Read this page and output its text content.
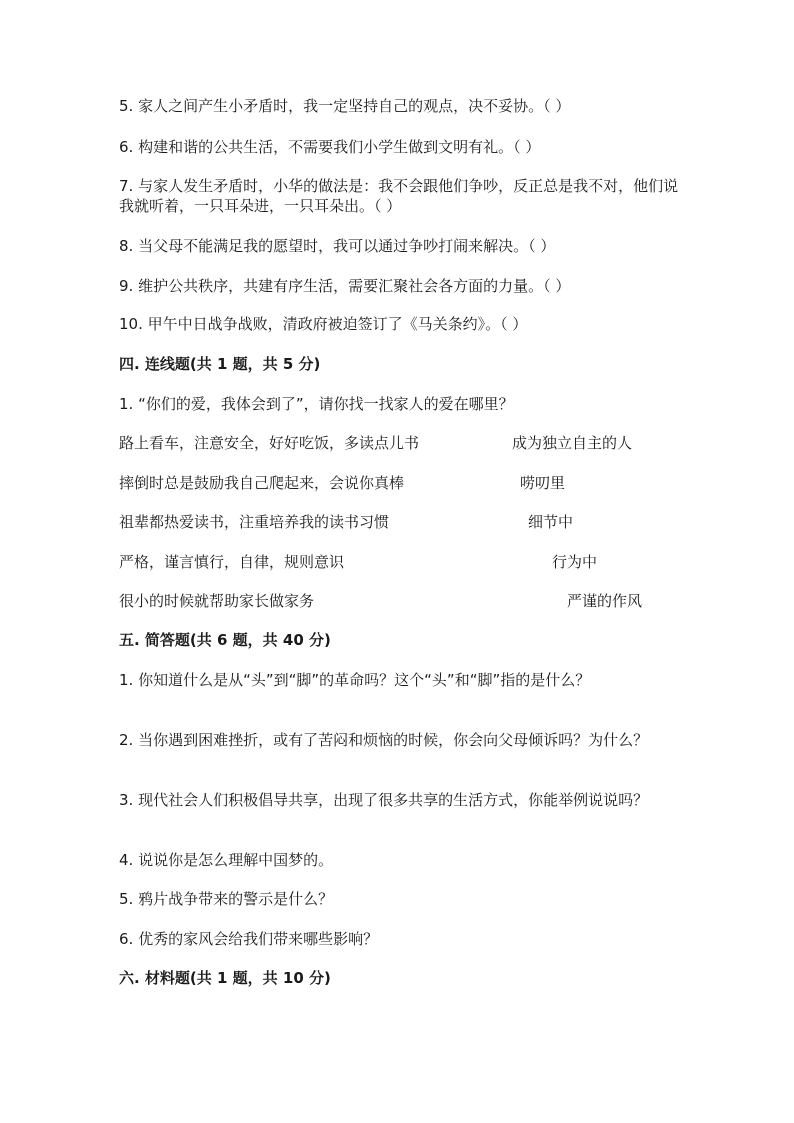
5. 家人之间产生小矛盾时，我一定坚持自己的观点，决不妥协。（ ）
6. 构建和谐的公共生活，不需要我们小学生做到文明有礼。（ ）
7. 与家人发生矛盾时，小华的做法是：我不会跟他们争吵，反正总是我不对，他们说我就听着，一只耳朵进，一只耳朵出。（ ）
8. 当父母不能满足我的愿望时，我可以通过争吵打闹来解决。（ ）
9. 维护公共秩序，共建有序生活，需要汇聚社会各方面的力量。（ ）
10. 甲午中日战争战败，清政府被迫签订了《马关条约》。（ ）
四. 连线题(共 1 题，共 5 分)
1. “你们的爱，我体会到了”，请你找一找家人的爱在哪里？
路上看车，注意安全，好好吃饭，多读点儿书	成为独立自主的人
摔倒时总是鼓励我自己爬起来，会说你真棒	唠叨里
祖辈都热爱读书，注重培养我的读书习惯	细节中
严格，谨言慎行，自律，规则意识	行为中
很小的时候就帮助家长做家务	严谨的作风
五. 简答题(共 6 题，共 40 分)
1. 你知道什么是从“头”到“脚”的革命吗？这个“头”和“脚”指的是什么？
2. 当你遇到困难挫折，或有了苦闷和烦恼的时候，你会向父母倾诉吗？为什么？
3. 现代社会人们积极倡导共享，出现了很多共享的生活方式，你能举例说说吗？
4. 说说你是怎么理解中国梦的。
5. 鸦片战争带来的警示是什么？
6. 优秀的家风会给我们带来哪些影响？
六. 材料题(共 1 题，共 10 分)
